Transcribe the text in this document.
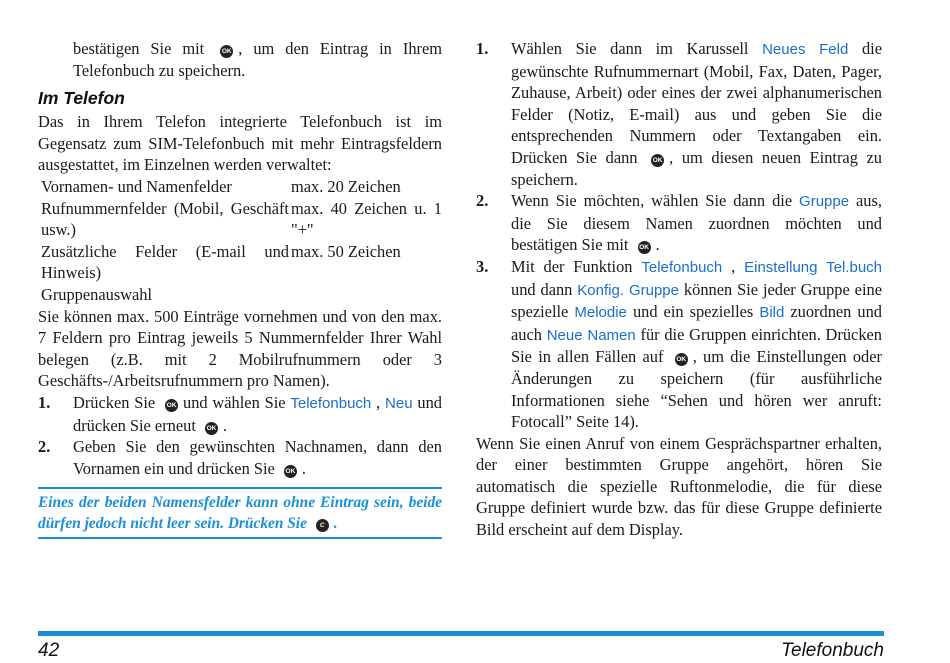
bestätigen Sie mit	OK , um den Eintrag in Ihrem Telefonbuch zu speichern.

Im Telefon

Das in Ihrem Telefon integrierte Telefonbuch ist im Gegensatz zum SIM-Telefonbuch mit mehr Eintragsfeldern ausgestattet, im Einzelnen werden verwaltet:

Vornamen- und Namenfelder	max. 20 Zeichen
Rufnummernfelder (Mobil, Geschäft usw.)	max. 40 Zeichen u. 1 "+"
Zusätzliche Felder (E-mail und Hinweis)	max. 50 Zeichen
Gruppenauswahl	

Sie können max. 500 Einträge vornehmen und von den max. 7 Feldern pro Eintrag jeweils 5 Nummernfelder Ihrer Wahl belegen (z.B. mit 2 Mobilrufnummern oder 3 Geschäfts-/Arbeitsrufnummern pro Namen).

1. Drücken Sie OK und wählen Sie Telefonbuch , Neu und drücken Sie erneut OK .
2. Geben Sie den gewünschten Nachnamen, dann den Vornamen ein und drücken Sie OK .
Eines der beiden Namensfelder kann ohne Eintrag sein, beide dürfen jedoch nicht leer sein. Drücken Sie C .
1. Wählen Sie dann im Karussell Neues Feld die gewünschte Rufnummernart (Mobil, Fax, Daten, Pager, Zuhause, Arbeit) oder eines der zwei alphanumerischen Felder (Notiz, E-mail) aus und geben Sie die entsprechenden Nummern oder Textangaben ein. Drücken Sie dann OK , um diesen neuen Eintrag zu speichern.
2. Wenn Sie möchten, wählen Sie dann die Gruppe aus, die Sie diesem Namen zuordnen möchten und bestätigen Sie mit OK .
3. Mit der Funktion Telefonbuch , Einstellung Tel.buch und dann Konfig. Gruppe können Sie jeder Gruppe eine spezielle Melodie und ein spezielles Bild zuordnen und auch Neue Namen für die Gruppen einrichten. Drücken Sie in allen Fällen auf OK , um die Einstellungen oder Änderungen zu speichern (für ausführliche Informationen siehe “Sehen und hören wer anruft: Fotocall” Seite 14).

Wenn Sie einen Anruf von einem Gesprächspartner erhalten, der einer bestimmten Gruppe angehört, hören Sie automatisch die spezielle Ruftonmelodie, die für diese Gruppe definiert wurde bzw. das für diese Gruppe definierte Bild erscheint auf dem Display.

42	Telefonbuch
